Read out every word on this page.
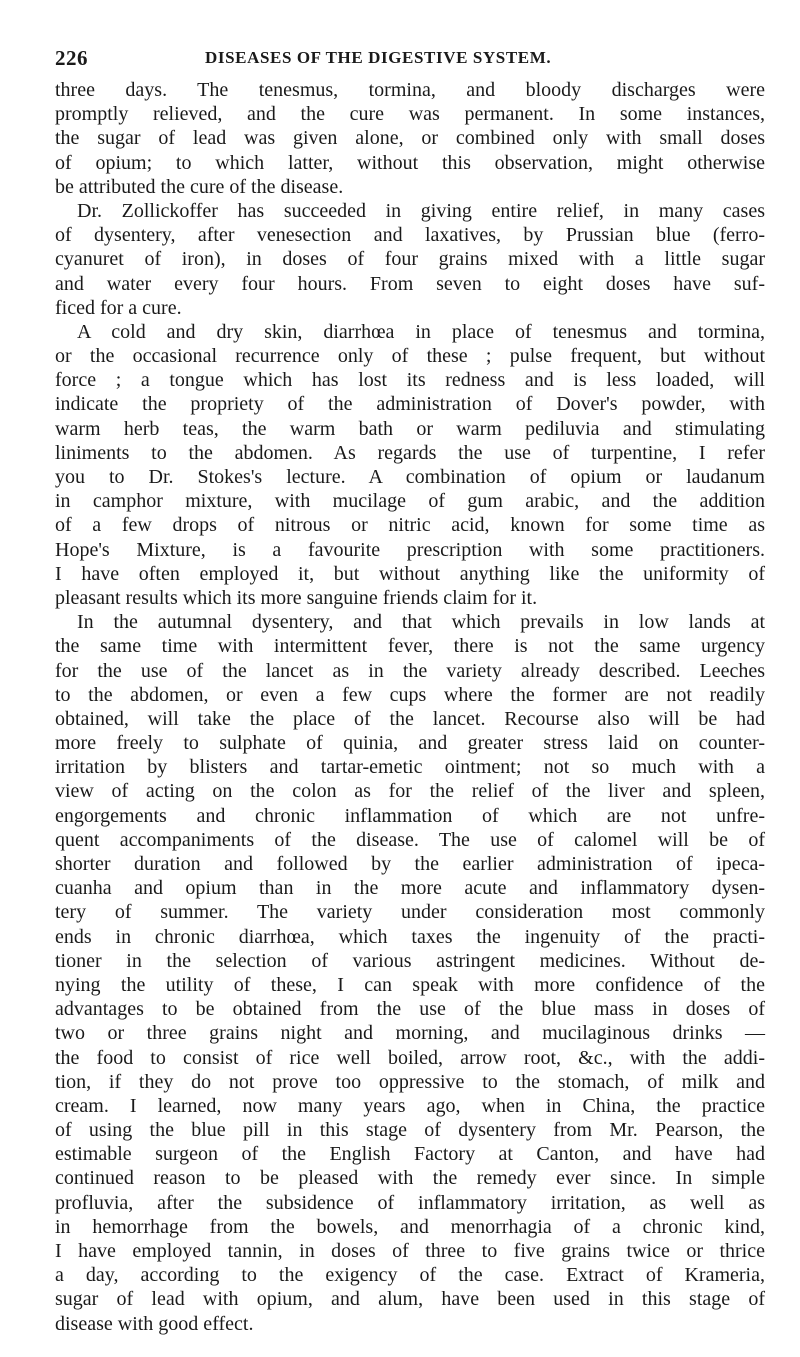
226	DISEASES OF THE DIGESTIVE SYSTEM.
three days. The tenesmus, tormina, and bloody discharges were
promptly relieved, and the cure was permanent. In some instances,
the sugar of lead was given alone, or combined only with small doses
of opium; to which latter, without this observation, might otherwise
be attributed the cure of the disease.
Dr. Zollickoffer has succeeded in giving entire relief, in many cases
of dysentery, after venesection and laxatives, by Prussian blue (ferro-
cyanuret of iron), in doses of four grains mixed with a little sugar
and water every four hours. From seven to eight doses have suf-
ficed for a cure.
A cold and dry skin, diarrhœa in place of tenesmus and tormina,
or the occasional recurrence only of these ; pulse frequent, but without
force ; a tongue which has lost its redness and is less loaded, will
indicate the propriety of the administration of Dover's powder, with
warm herb teas, the warm bath or warm pediluvia and stimulating
liniments to the abdomen. As regards the use of turpentine, I refer
you to Dr. Stokes's lecture. A combination of opium or laudanum
in camphor mixture, with mucilage of gum arabic, and the addition
of a few drops of nitrous or nitric acid, known for some time as
Hope's Mixture, is a favourite prescription with some practitioners.
I have often employed it, but without anything like the uniformity of
pleasant results which its more sanguine friends claim for it.
In the autumnal dysentery, and that which prevails in low lands at
the same time with intermittent fever, there is not the same urgency
for the use of the lancet as in the variety already described. Leeches
to the abdomen, or even a few cups where the former are not readily
obtained, will take the place of the lancet. Recourse also will be had
more freely to sulphate of quinia, and greater stress laid on counter-
irritation by blisters and tartar-emetic ointment; not so much with a
view of acting on the colon as for the relief of the liver and spleen,
engorgements and chronic inflammation of which are not unfre-
quent accompaniments of the disease. The use of calomel will be of
shorter duration and followed by the earlier administration of ipeca-
cuanha and opium than in the more acute and inflammatory dysen-
tery of summer. The variety under consideration most commonly
ends in chronic diarrhœa, which taxes the ingenuity of the practi-
tioner in the selection of various astringent medicines. Without de-
nying the utility of these, I can speak with more confidence of the
advantages to be obtained from the use of the blue mass in doses of
two or three grains night and morning, and mucilaginous drinks —
the food to consist of rice well boiled, arrow root, &c., with the addi-
tion, if they do not prove too oppressive to the stomach, of milk and
cream. I learned, now many years ago, when in China, the practice
of using the blue pill in this stage of dysentery from Mr. Pearson, the
estimable surgeon of the English Factory at Canton, and have had
continued reason to be pleased with the remedy ever since. In simple
profluvia, after the subsidence of inflammatory irritation, as well as
in hemorrhage from the bowels, and menorrhagia of a chronic kind,
I have employed tannin, in doses of three to five grains twice or thrice
a day, according to the exigency of the case. Extract of Krameria,
sugar of lead with opium, and alum, have been used in this stage of
disease with good effect.
